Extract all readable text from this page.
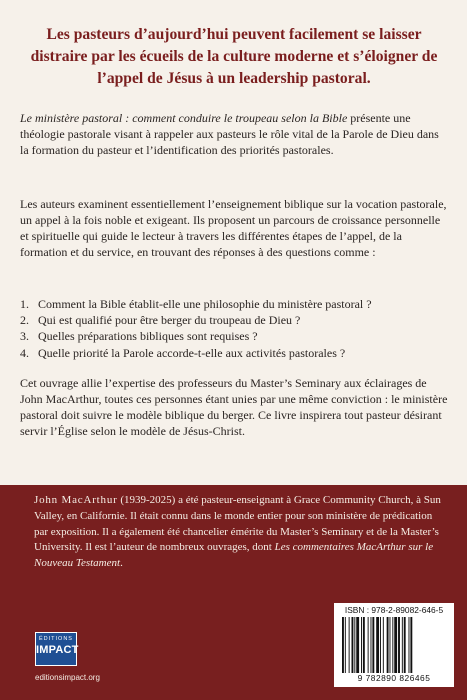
Les pasteurs d’aujourd’hui peuvent facilement se laisser distraire par les écueils de la culture moderne et s’éloigner de l’appel de Jésus à un leadership pastoral.

Le ministère pastoral : comment conduire le troupeau selon la Bible présente une théologie pastorale visant à rappeler aux pasteurs le rôle vital de la Parole de Dieu dans la formation du pasteur et l’identification des priorités pastorales.

Les auteurs examinent essentiellement l’enseignement biblique sur la vocation pastorale, un appel à la fois noble et exigeant. Ils proposent un parcours de croissance personnelle et spirituelle qui guide le lecteur à travers les différentes étapes de l’appel, de la formation et du service, en trouvant des réponses à des questions comme :

1. Comment la Bible établit-elle une philosophie du ministère pastoral ?
2. Qui est qualifié pour être berger du troupeau de Dieu ?
3. Quelles préparations bibliques sont requises ?
4. Quelle priorité la Parole accorde-t-elle aux activités pastorales ?

Cet ouvrage allie l’expertise des professeurs du Master’s Seminary aux éclairages de John MacArthur, toutes ces personnes étant unies par une même conviction : le ministère pastoral doit suivre le modèle biblique du berger. Ce livre inspirera tout pasteur désirant servir l’Église selon le modèle de Jésus-Christ.

John MacArthur (1939-2025) a été pasteur-enseignant à Grace Community Church, à Sun Valley, en Californie. Il était connu dans le monde entier pour son ministère de prédication par exposition. Il a également été chancelier émérite du Master’s Seminary et de la Master’s University. Il est l’auteur de nombreux ouvrages, dont Les commentaires MacArthur sur le Nouveau Testament.

ÉDITIONS
IMPACT

editionsimpact.org

ISBN : 978-2-89082-646-5

9 782890 826465
